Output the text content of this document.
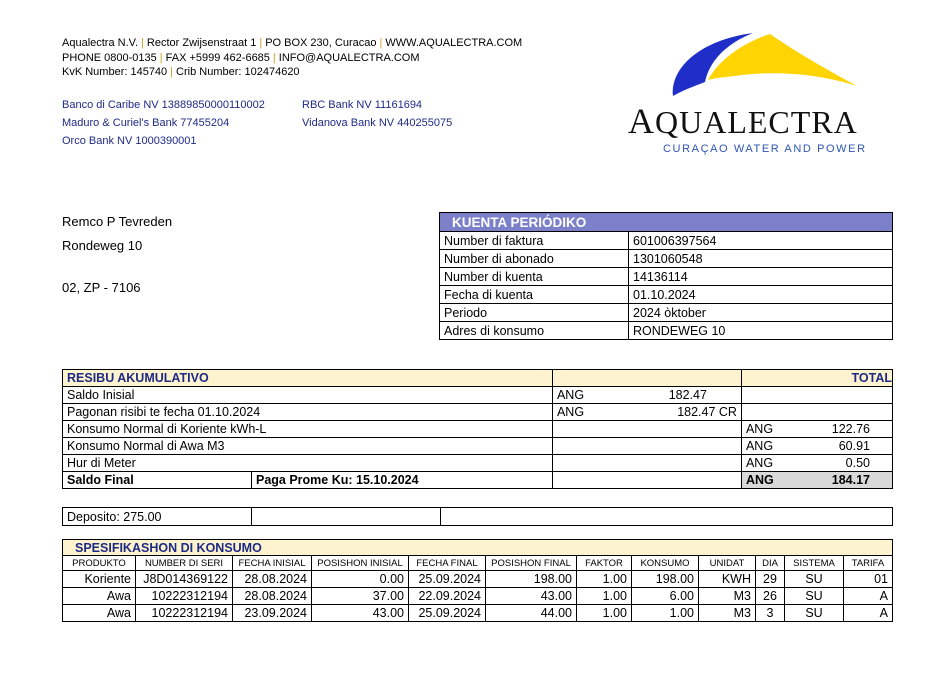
Aqualectra N.V. | Rector Zwijsenstraat 1 | PO BOX 230, Curacao | WWW.AQUALECTRA.COM
PHONE 0800-0135 | FAX +5999 462-6685 | INFO@AQUALECTRA.COM
KvK Number: 145740 | Crib Number: 102474620
Banco di Caribe NV 13889850000110002
Maduro & Curiel's Bank 77455204
Orco Bank NV 1000390001
RBC Bank NV 11161694
Vidanova Bank NV 440255075	AQUALECTRA
CURAÇAO WATER AND POWER
Remco P Tevreden
Rondeweg 10
02, ZP - 7106
KUENTA PERIÓDIKO	
Number di faktura	601006397564
Number di abonado	1301060548
Number di kuenta	14136114
Fecha di kuenta	01.10.2024
Periodo	2024 òktober
Adres di konsumo	RONDEWEG 10
RESIBU AKUMULATIVO			TOTAL	
Saldo Inisial		ANG 182.47		

Pagonan risibi te fecha 01.10.2024		ANG 182.47 CR		

Konsumo Normal di Koriente kWh-L			ANG	122.76
Konsumo Normal di Awa M3			ANG	60.91
Hur di Meter			ANG	0.50
Saldo Final	Paga Prome Ku: 15.10.2024		ANG	184.17
Deposito: 275.00		
SPESIFIKASHON DI KONSUMO											
PRODUKTO	NUMBER DI SERI	FECHA INISIAL	POSISHON INISIAL	FECHA FINAL	POSISHON FINAL	FAKTOR	KONSUMO	UNIDAT	DIA	SISTEMA	TARIFA
Koriente	J8D014369122	28.08.2024	0.00	25.09.2024	198.00	1.00	198.00	KWH	29	SU	01
Awa	10222312194	28.08.2024	37.00	22.09.2024	43.00	1.00	6.00	M3	26	SU	A
Awa	10222312194	23.09.2024	43.00	25.09.2024	44.00	1.00	1.00	M3	3	SU	A
